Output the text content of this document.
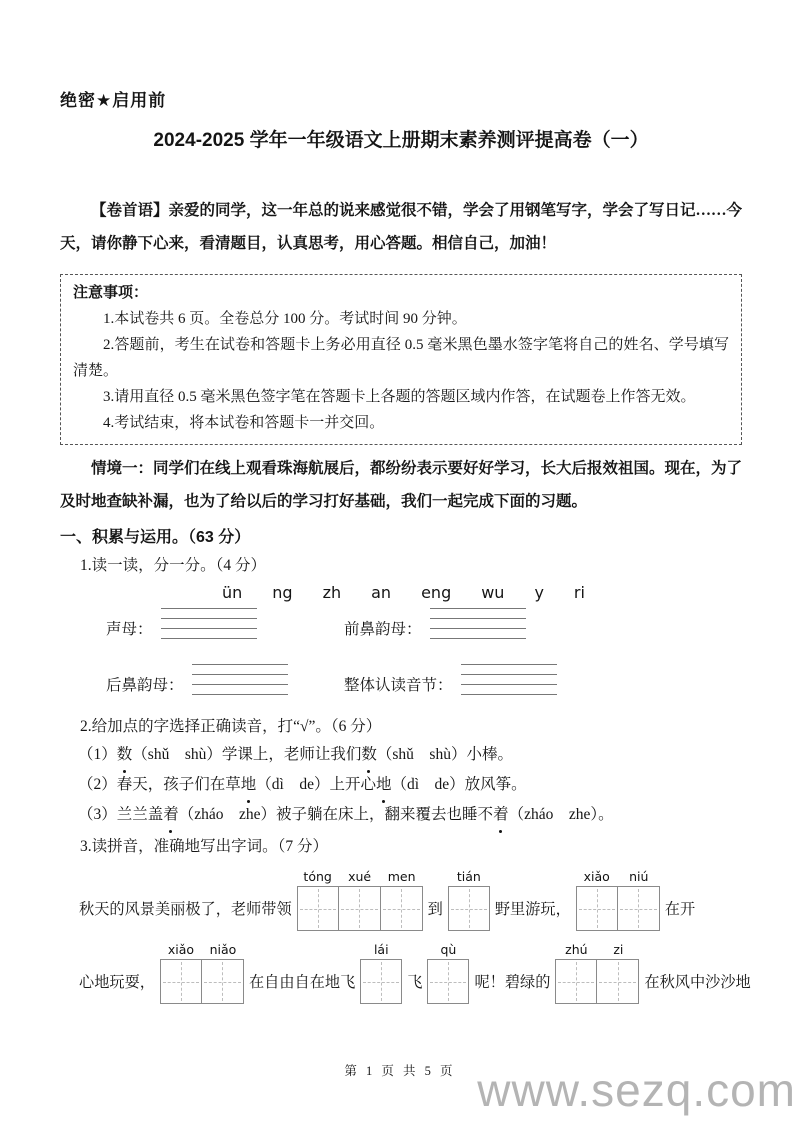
绝密★启用前
2024-2025 学年一年级语文上册期末素养测评提高卷（一）

【卷首语】亲爱的同学，这一年总的说来感觉很不错，学会了用钢笔写字，学会了写日记……今天，请你静下心来，看清题目，认真思考，用心答题。相信自己，加油！

注意事项：

1.本试卷共 6 页。全卷总分 100 分。考试时间 90 分钟。

2.答题前，考生在试卷和答题卡上务必用直径 0.5 毫米黑色墨水签字笔将自己的姓名、学号填写清楚。

3.请用直径 0.5 毫米黑色签字笔在答题卡上各题的答题区域内作答，在试题卷上作答无效。

4.考试结束，将本试卷和答题卡一并交回。

情境一：同学们在线上观看珠海航展后，都纷纷表示要好好学习，长大后报效祖国。现在，为了及时地查缺补漏，也为了给以后的学习打好基础，我们一起完成下面的习题。

一、积累与运用。（63 分）
1.读一读，分一分。（4 分）
ün ng zh an eng wu y ri
声母：	前鼻韵母：
后鼻韵母：	整体认读音节：
2.给加点的字选择正确读音，打“√”。（6 分）

（1）数（shǔ　shù）学课上，老师让我们数（shǔ　shù）小棒。

（2）春天，孩子们在草地（dì　de）上开心地（dì　de）放风筝。

（3）兰兰盖着（zháo　zhe）被子躺在床上，翻来覆去也睡不着（zháo　zhe）。

3.读拼音，准确地写出字词。（7 分）
秋天的风景美丽极了，老师带领
tóng	xué	men
到
tián
野里游玩，
xiǎo	niú
在开
心地玩耍，
xiǎo	niǎo
在自由自在地飞
lái
飞
qù
呢！碧绿的
zhú	zi
在秋风中沙沙地
第 1 页 共 5 页 www.sezq.com
